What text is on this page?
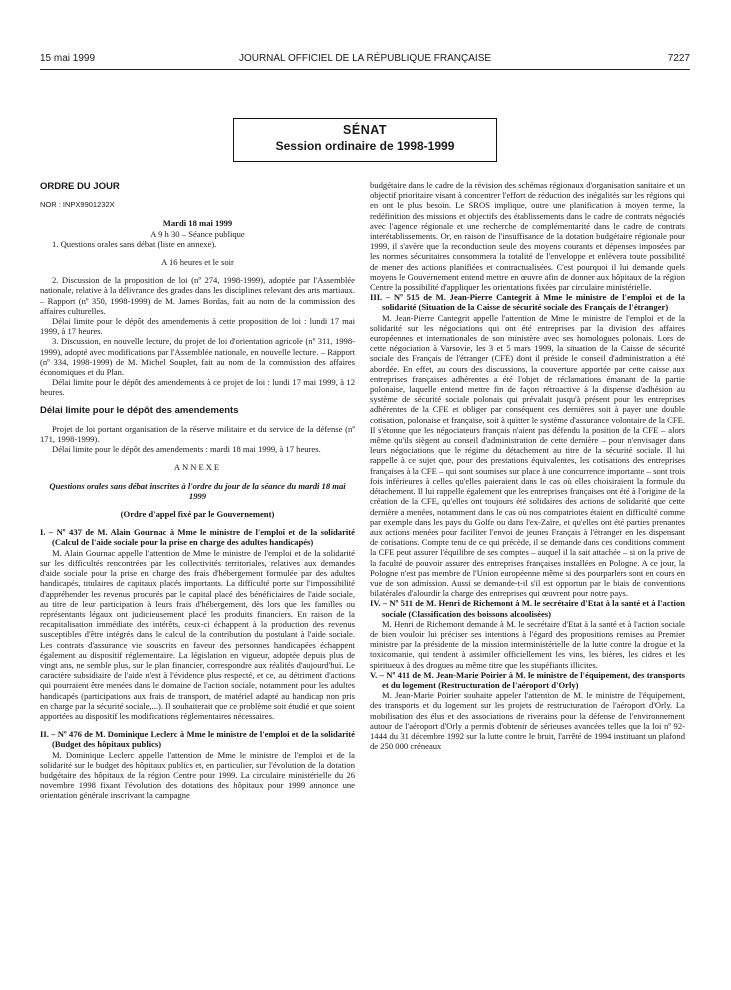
15 mai 1999	JOURNAL OFFICIEL DE LA RÉPUBLIQUE FRANÇAISE	7227
SÉNAT
Session ordinaire de 1998-1999

ORDRE DU JOUR

NOR : INPX9901232X

Mardi 18 mai 1999

A 9 h 30 – Séance publique

1. Questions orales sans débat (liste en annexe).

A 16 heures et le soir

2. Discussion de la proposition de loi (nº 274, 1998-1999), adoptée par l'Assemblée nationale, relative à la délivrance des grades dans les disciplines relevant des arts martiaux. – Rapport (nº 350, 1998-1999) de M. James Bordas, fait au nom de la commission des affaires culturelles.

Délai limite pour le dépôt des amendements à cette proposition de loi : lundi 17 mai 1999, à 17 heures.

3. Discussion, en nouvelle lecture, du projet de loi d'orientation agricole (nº 311, 1998-1999), adopté avec modifications par l'Assemblée nationale, en nouvelle lecture. – Rapport (nº 334, 1998-1999) de M. Michel Souplet, fait au nom de la commission des affaires économiques et du Plan.

Délai limite pour le dépôt des amendements à ce projet de loi : lundi 17 mai 1999, à 12 heures.

Délai limite pour le dépôt des amendements

Projet de loi portant organisation de la réserve militaire et du service de la défense (nº 171, 1998-1999).

Délai limite pour le dépôt des amendements : mardi 18 mai 1999, à 17 heures.

ANNEXE

Questions orales sans débat inscrites à l'ordre du jour de la séance du mardi 18 mai 1999

(Ordre d'appel fixé par le Gouvernement)

I. – Nº 437 de M. Alain Gournac à Mme le ministre de l'emploi et de la solidarité (Calcul de l'aide sociale pour la prise en charge des adultes handicapés)

M. Alain Gournac appelle l'attention de Mme le ministre de l'emploi et de la solidarité sur les difficultés rencontrées par les collectivités territoriales, relatives aux demandes d'aide sociale pour la prise en charge des frais d'hébergement formulée par des adultes handicapés, titulaires de capitaux placés importants. La difficulté porte sur l'impossibilité d'appréhender les revenus procurés par le capital placé des bénéficiaires de l'aide sociale, au titre de leur participation à leurs frais d'hébergement, dès lors que les familles ou représentants légaux ont judicieusement placé les produits financiers. En raison de la recapitalisation immédiate des intérêts, ceux-ci échappent à la production des revenus susceptibles d'être intégrés dans le calcul de la contribution du postulant à l'aide sociale. Les contrats d'assurance vie souscrits en faveur des personnes handicapées échappent également au dispositif réglementaire. La législation en vigueur, adoptée depuis plus de vingt ans, ne semble plus, sur le plan financier, correspondre aux réalités d'aujourd'hui. Le caractère subsidiaire de l'aide n'est à l'évidence plus respecté, et ce, au détriment d'actions qui pourraient être menées dans le domaine de l'action sociale, notamment pour les adultes handicapés (participations aux frais de transport, de matériel adapté au handicap non pris en charge par la sécurité sociale,...). Il souhaiterait que ce problème soit étudié et que soient apportées au dispositif les modifications réglementaires nécessaires.

II. – Nº 476 de M. Dominique Leclerc à Mme le ministre de l'emploi et de la solidarité (Budget des hôpitaux publics)

M. Dominique Leclerc appelle l'attention de Mme le ministre de l'emploi et de la solidarité sur le budget des hôpitaux publics et, en particulier, sur l'évolution de la dotation budgétaire des hôpitaux de la région Centre pour 1999. La circulaire ministérielle du 26 novembre 1998 fixant l'évolution des dotations des hôpitaux pour 1999 annonce une orientation générale inscrivant la campagne

budgétaire dans le cadre de la révision des schémas régionaux d'organisation sanitaire et un objectif prioritaire visant à concentrer l'effort de réduction des inégalités sur les régions qui en ont le plus besoin. Le SROS implique, outre une planification à moyen terme, la redéfinition des missions et objectifs des établissements dans le cadre de contrats négociés avec l'agence régionale et une recherche de complémentarité dans le cadre de contrats interétablissements. Or, en raison de l'insuffisance de la dotation budgétaire régionale pour 1999, il s'avère que la reconduction seule des moyens courants et dépenses imposées par les normes sécuritaires consommera la totalité de l'enveloppe et enlèvera toute possibilité de mener des actions planifiées et contractualisées. C'est pourquoi il lui demande quels moyens le Gouvernement entend mettre en œuvre afin de donner aux hôpitaux de la région Centre la possibilité d'appliquer les orientations fixées par circulaire ministérielle.

III. – Nº 515 de M. Jean-Pierre Cantegrit à Mme le ministre de l'emploi et de la solidarité (Situation de la Caisse de sécurité sociale des Français de l'étranger)

M. Jean-Pierre Cantegrit appelle l'attention de Mme le ministre de l'emploi et de la solidarité sur les négociations qui ont été entreprises par la division des affaires européennes et internationales de son ministère avec ses homologues polonais. Lors de cette négociation à Varsovie, les 3 et 5 mars 1999, la situation de la Caisse de sécurité sociale des Français de l'étranger (CFE) dont il préside le conseil d'administration a été abordée. En effet, au cours des discussions, la couverture apportée par cette caisse aux entreprises françaises adhérentes a été l'objet de réclamations émanant de la partie polonaise, laquelle entend mettre fin de façon rétroactive à la dispense d'adhésion au système de sécurité sociale polonais qui prévalait jusqu'à présent pour les entreprises adhérentes de la CFE et obliger par conséquent ces dernières soit à payer une double cotisation, polonaise et française, soit à quitter le système d'assurance volontaire de la CFE. Il s'étonne que les négociateurs français n'aient pas défendu la position de la CFE – alors même qu'ils siègent au conseil d'administration de cette dernière – pour n'envisager dans leurs négociations que le régime du détachement au titre de la sécurité sociale. Il lui rappelle à ce sujet que, pour des prestations équivalentes, les cotisations des entreprises françaises à la CFE – qui sont soumises sur place à une concurrence importante – sont trois fois inférieures à celles qu'elles paieraient dans le cas où elles choisiraient la formule du détachement. Il lui rappelle également que les entreprises françaises ont été à l'origine de la création de la CFE, qu'elles ont toujours été solidaires des actions de solidarité que cette dernière a menées, notamment dans le cas où nos compatriotes étaient en difficulté comme par exemple dans les pays du Golfe ou dans l'ex-Zaïre, et qu'elles ont été parties prenantes aux actions menées pour faciliter l'envoi de jeunes Français à l'étranger en les dispensant de cotisations. Compte tenu de ce qui précède, il se demande dans ces conditions comment la CFE peut assurer l'équilibre de ses comptes – auquel il la sait attachée – si on la prive de la faculté de pouvoir assurer des entreprises françaises installées en Pologne. A ce jour, la Pologne n'est pas membre de l'Union européenne même si des pourparlers sont en cours en vue de son admission. Aussi se demande-t-il s'il est opportun par le biais de conventions bilatérales d'alourdir la charge des entreprises qui œuvrent pour notre pays.

IV. – Nº 511 de M. Henri de Richemont à M. le secrétaire d'Etat à la santé et à l'action sociale (Classification des boissons alcoolisées)

M. Henri de Richemont demande à M. le secrétaire d'Etat à la santé et à l'action sociale de bien vouloir lui préciser ses intentions à l'égard des propositions remises au Premier ministre par la présidente de la mission interministérielle de la lutte contre la drogue et la toxicomanie, qui tendent à assimiler officiellement les vins, les bières, les cidres et les spiritueux à des drogues au même titre que les stupéfiants illicites.

V. – Nº 411 de M. Jean-Marie Poirier à M. le ministre de l'équipement, des transports et du logement (Restructuration de l'aéroport d'Orly)

M. Jean-Marie Poirier souhaite appeler l'attention de M. le ministre de l'équipement, des transports et du logement sur les projets de restructuration de l'aéroport d'Orly. La mobilisation des élus et des associations de riverains pour la défense de l'environnement autour de l'aéroport d'Orly a permis d'obtenir de sérieuses avancées telles que la loi nº 92-1444 du 31 décembre 1992 sur la lutte contre le bruit, l'arrêté de 1994 instituant un plafond de 250 000 créneaux
